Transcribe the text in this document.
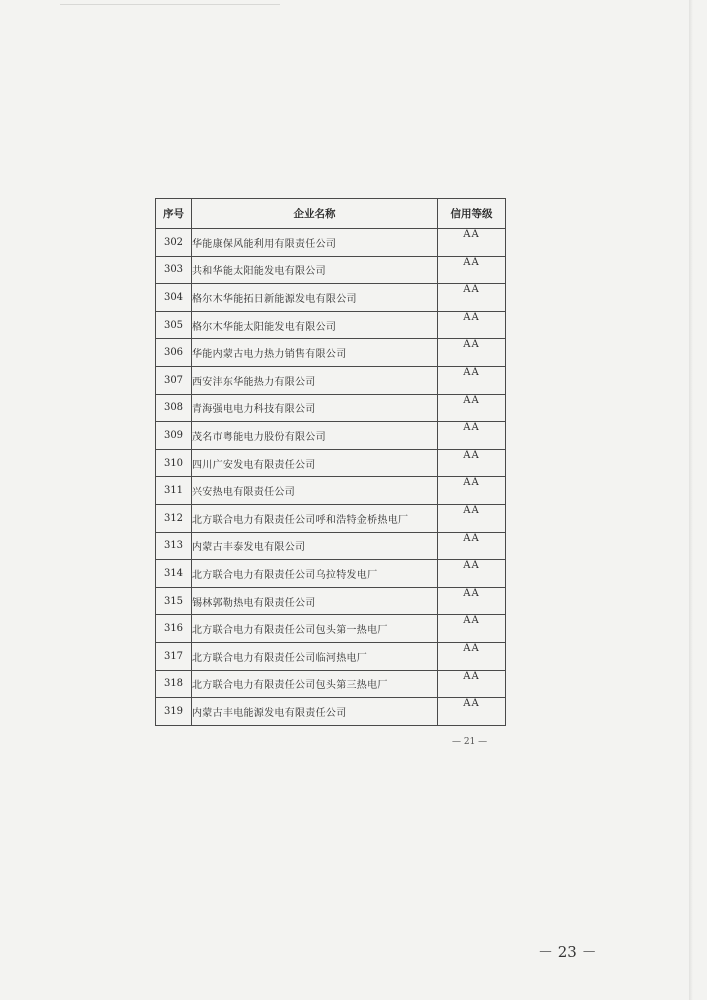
序号	企业名称	信用等级
302	华能康保风能利用有限责任公司	AA
303	共和华能太阳能发电有限公司	AA
304	格尔木华能拓日新能源发电有限公司	AA
305	格尔木华能太阳能发电有限公司	AA
306	华能内蒙古电力热力销售有限公司	AA
307	西安沣东华能热力有限公司	AA
308	青海强电电力科技有限公司	AA
309	茂名市粤能电力股份有限公司	AA
310	四川广安发电有限责任公司	AA
311	兴安热电有限责任公司	AA
312	北方联合电力有限责任公司呼和浩特金桥热电厂	AA
313	内蒙古丰泰发电有限公司	AA
314	北方联合电力有限责任公司乌拉特发电厂	AA
315	锡林郭勒热电有限责任公司	AA
316	北方联合电力有限责任公司包头第一热电厂	AA
317	北方联合电力有限责任公司临河热电厂	AA
318	北方联合电力有限责任公司包头第三热电厂	AA
319	内蒙古丰电能源发电有限责任公司	AA
— 21 —
－ 23 －
